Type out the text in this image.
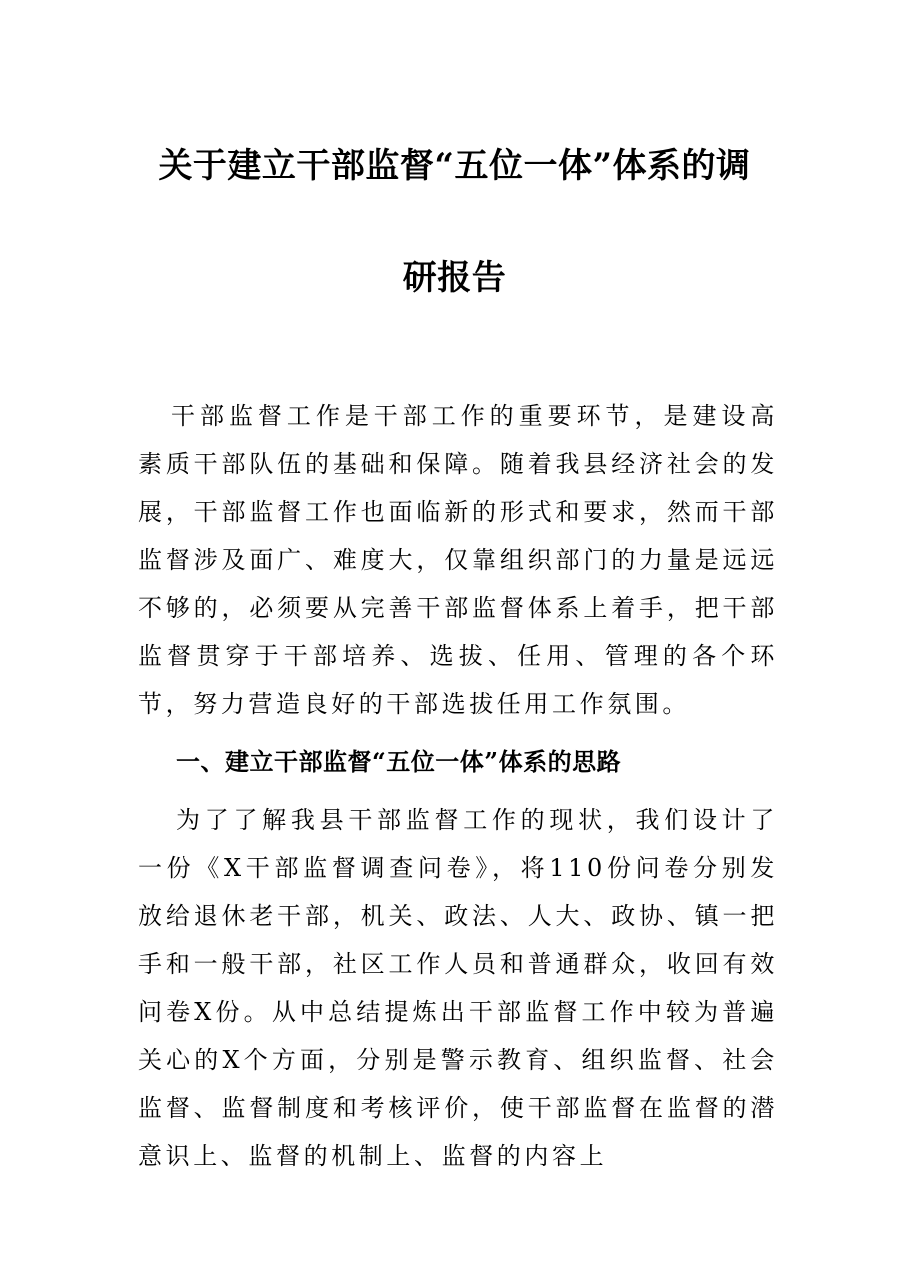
关于建立干部监督“五位一体”体系的调
研报告
干部监督工作是干部工作的重要环节，是建设高素质干部队伍的基础和保障。随着我县经济社会的发展，干部监督工作也面临新的形式和要求，然而干部监督涉及面广、难度大，仅靠组织部门的力量是远远不够的，必须要从完善干部监督体系上着手，把干部监督贯穿于干部培养、选拔、任用、管理的各个环节，努力营造良好的干部选拔任用工作氛围。
一、建立干部监督“五位一体”体系的思路
为了了解我县干部监督工作的现状，我们设计了一份《X干部监督调查问卷》，将110份问卷分别发放给退休老干部，机关、政法、人大、政协、镇一把手和一般干部，社区工作人员和普通群众，收回有效问卷X份。从中总结提炼出干部监督工作中较为普遍关心的X个方面，分别是警示教育、组织监督、社会监督、监督制度和考核评价，使干部监督在监督的潜意识上、监督的机制上、监督的内容上
